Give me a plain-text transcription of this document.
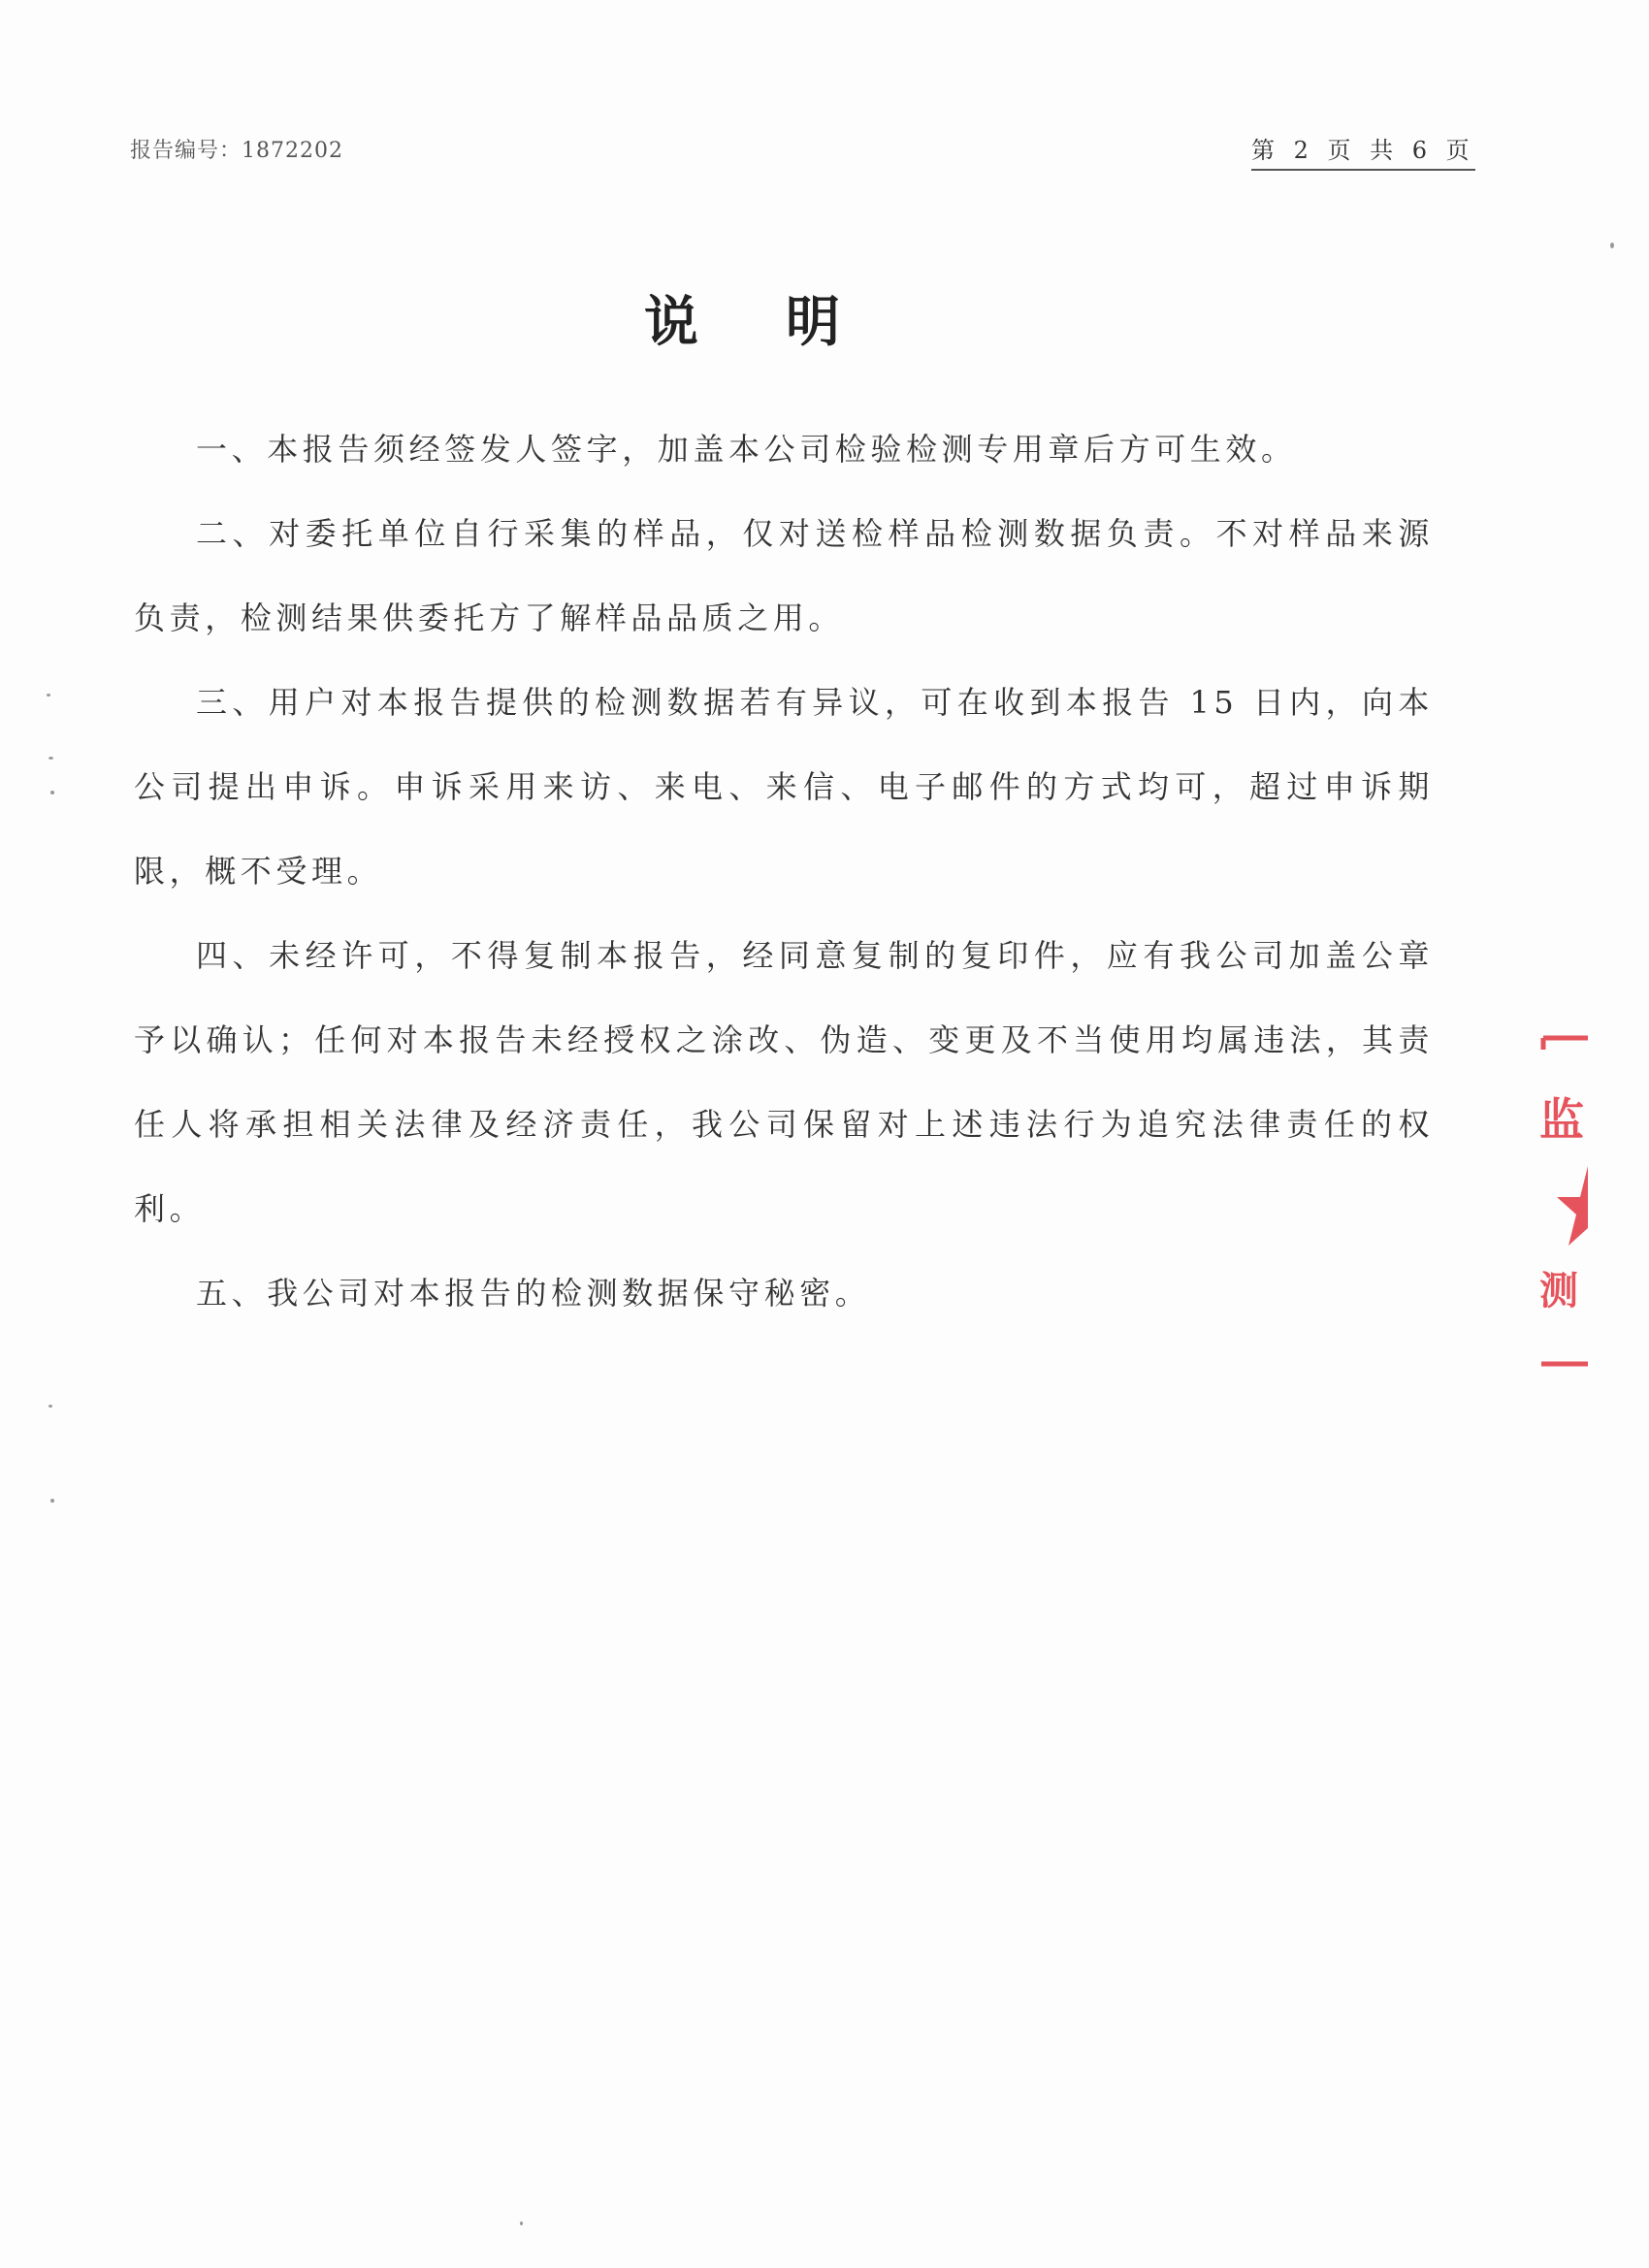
报告编号：1872202	第 2 页 共 6 页
说明

一、本报告须经签发人签字，加盖本公司检验检测专用章后方可生效。

二、对委托单位自行采集的样品，仅对送检样品检测数据负责。不对样品来源负责，检测结果供委托方了解样品品质之用。

三、用户对本报告提供的检测数据若有异议，可在收到本报告 15 日内，向本公司提出申诉。申诉采用来访、来电、来信、电子邮件的方式均可，超过申诉期限，概不受理。

四、未经许可，不得复制本报告，经同意复制的复印件，应有我公司加盖公章予以确认；任何对本报告未经授权之涂改、伪造、变更及不当使用均属违法，其责任人将承担相关法律及经济责任，我公司保留对上述违法行为追究法律责任的权利。

五、我公司对本报告的检测数据保守秘密。

监
测
